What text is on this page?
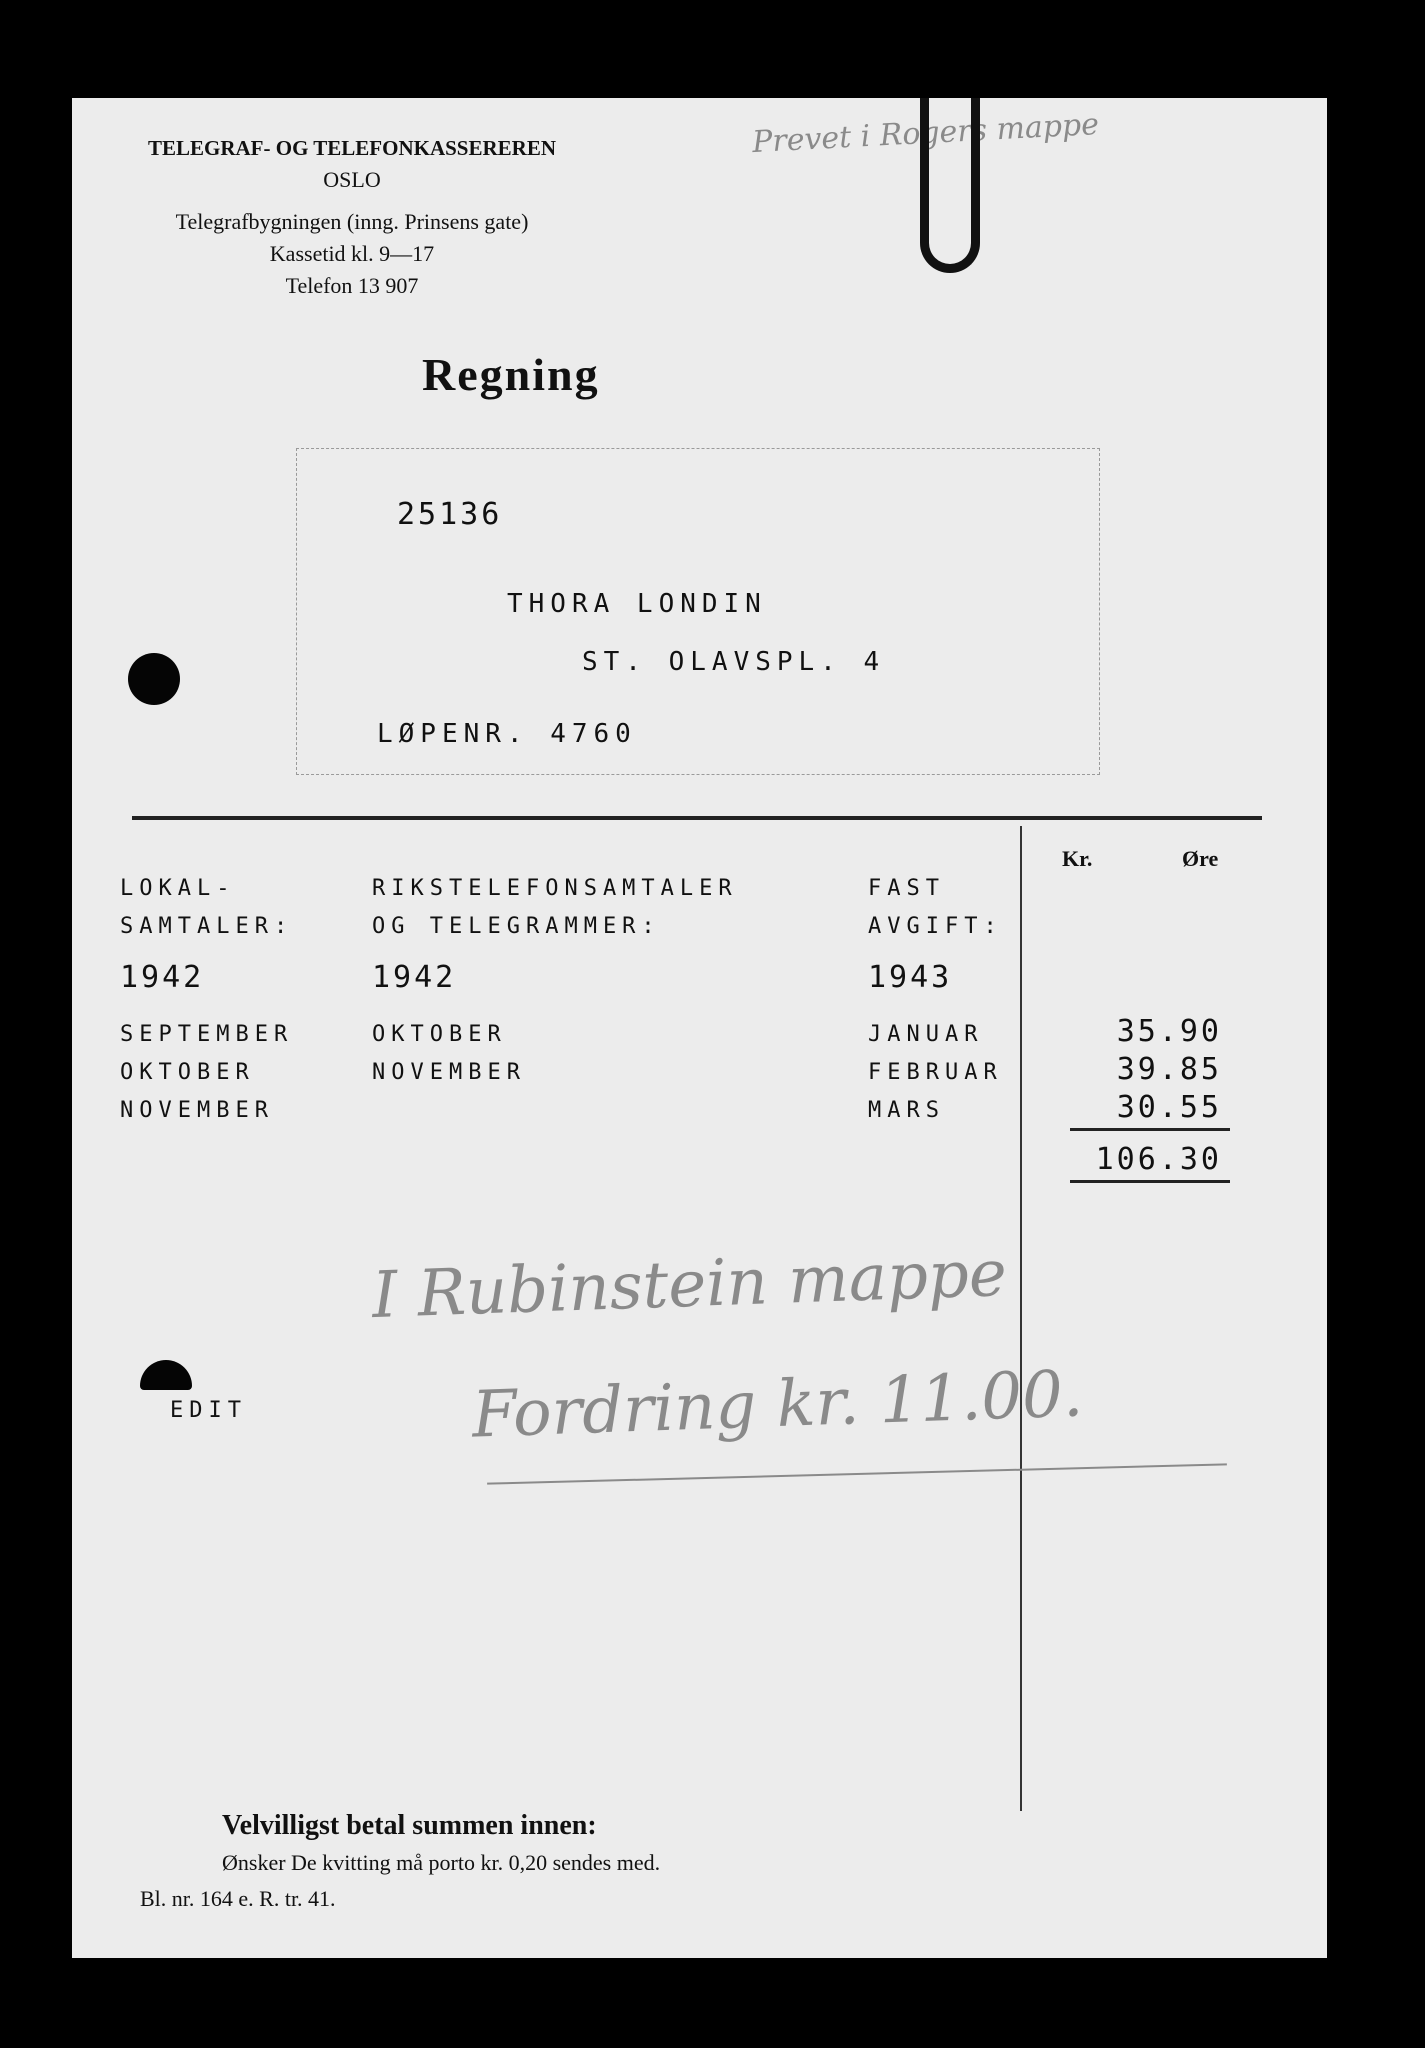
TELEGRAF- OG TELEFONKASSEREREN
OSLO
Telegrafbygningen (inng. Prinsens gate)
Kassetid kl. 9—17
Telefon 13 907
Prevet i Rogers mappe
Regning
25136
THORA LONDIN
ST. OLAVSPL. 4
LØPENR. 4760
Kr.	Øre
LOKAL-
SAMTALER:
1942
SEPTEMBER
OKTOBER
NOVEMBER
RIKSTELEFONSAMTALER
OG TELEGRAMMER:
1942
OKTOBER
NOVEMBER
FAST
AVGIFT:
1943
JANUAR
FEBRUAR
MARS
35.90
39.85
30.55
106.30
I Rubinstein mappe
Fordring kr. 11.00.
EDIT
Velvilligst betal summen innen:
Ønsker De kvitting må porto kr. 0,20 sendes med.
Bl. nr. 164 e. R. tr. 41.
